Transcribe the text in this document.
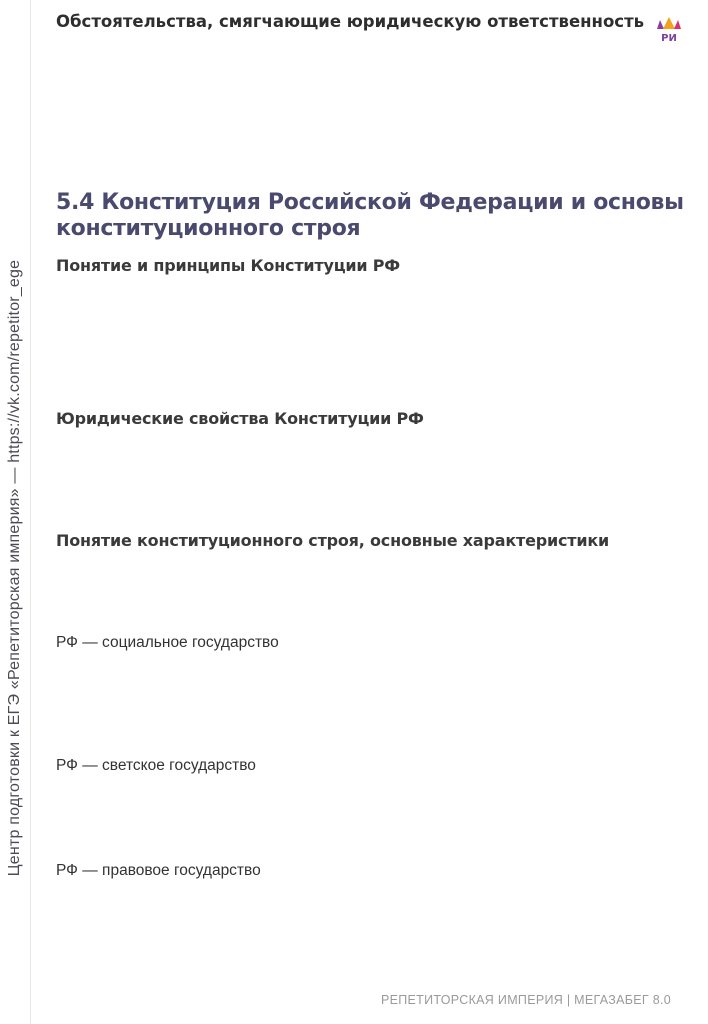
Центр подготовки к ЕГЭ «Репетиторская империя» — https://vk.com/repetitor_ege
Обстоятельства, смягчающие юридическую ответственность
РИ
5.4 Конституция Российской Федерации и основы конституционного строя
Понятие и принципы Конституции РФ
Юридические свойства Конституции РФ
Понятие конституционного строя, основные характеристики
РФ — социальное государство
РФ — светское государство
РФ — правовое государство
РЕПЕТИТОРСКАЯ ИМПЕРИЯ | МЕГАЗАБЕГ 8.0
